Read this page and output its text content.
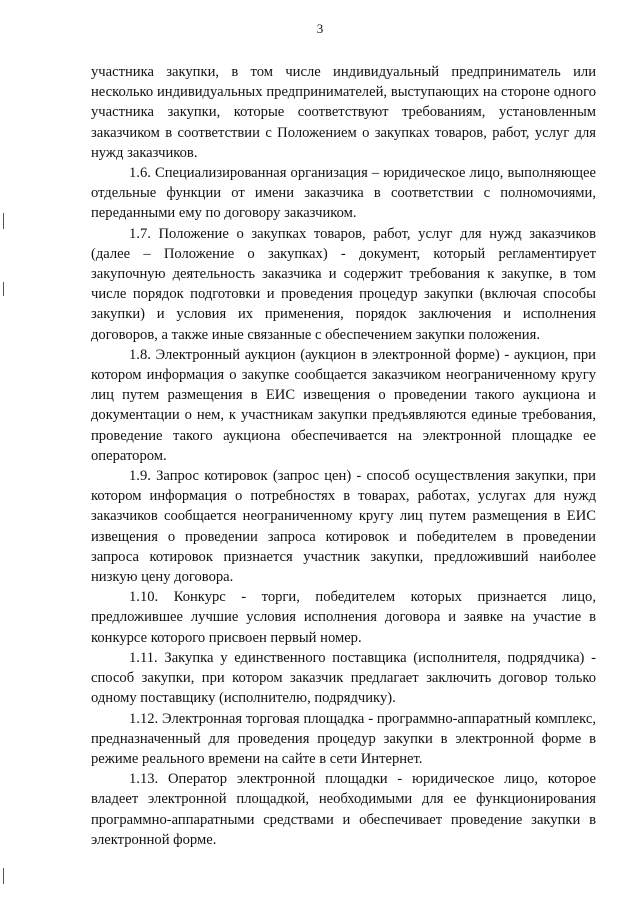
3

участника закупки, в том числе индивидуальный предприниматель или несколько индивидуальных предпринимателей, выступающих на стороне одного участника закупки, которые соответствуют требованиям, установленным заказчиком в соответствии с Положением о закупках товаров, работ, услуг для нужд заказчиков.

1.6. Специализированная организация – юридическое лицо, выполняющее отдельные функции от имени заказчика в соответствии с полномочиями, переданными ему по договору заказчиком.

1.7. Положение о закупках товаров, работ, услуг для нужд заказчиков (далее – Положение о закупках) - документ, который регламентирует закупочную деятельность заказчика и содержит требования к закупке, в том числе порядок подготовки и проведения процедур закупки (включая способы закупки) и условия их применения, порядок заключения и исполнения договоров, а также иные связанные с обеспечением закупки положения.

1.8. Электронный аукцион (аукцион в электронной форме) - аукцион, при котором информация о закупке сообщается заказчиком неограниченному кругу лиц путем размещения в ЕИС извещения о проведении такого аукциона и документации о нем, к участникам закупки предъявляются единые требования, проведение такого аукциона обеспечивается на электронной площадке ее оператором.

1.9. Запрос котировок (запрос цен) - способ осуществления закупки, при котором информация о потребностях в товарах, работах, услугах для нужд заказчиков сообщается неограниченному кругу лиц путем размещения в ЕИС извещения о проведении запроса котировок и победителем в проведении запроса котировок признается участник закупки, предложивший наиболее низкую цену договора.

1.10. Конкурс - торги, победителем которых признается лицо, предложившее лучшие условия исполнения договора и заявке на участие в конкурсе которого присвоен первый номер.

1.11. Закупка у единственного поставщика (исполнителя, подрядчика) - способ закупки, при котором заказчик предлагает заключить договор только одному поставщику (исполнителю, подрядчику).

1.12. Электронная торговая площадка - программно-аппаратный комплекс, предназначенный для проведения процедур закупки в электронной форме в режиме реального времени на сайте в сети Интернет.

1.13. Оператор электронной площадки - юридическое лицо, которое владеет электронной площадкой, необходимыми для ее функционирования программно-аппаратными средствами и обеспечивает проведение закупки в электронной форме.
